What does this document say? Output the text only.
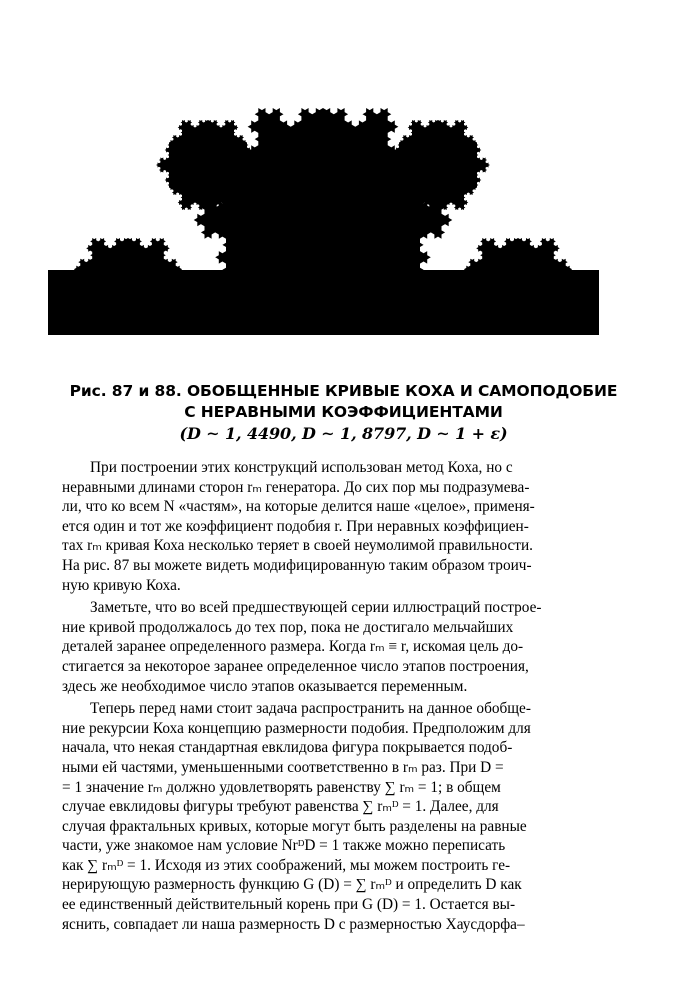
Рис. 87 и 88. ОБОБЩЕННЫЕ КРИВЫЕ КОХА И САМОПОДОБИЕ
С НЕРАВНЫМИ КОЭФФИЦИЕНТАМИ
(D ∼ 1, 4490, D ∼ 1, 8797, D ∼ 1 + ε)
При построении этих конструкций использован метод Коха, но с
неравными длинами сторон rₘ генератора. До сих пор мы подразумева-
ли, что ко всем N «частям», на которые делится наше «целое», применя-
ется один и тот же коэффициент подобия r. При неравных коэффициен-
тах rₘ кривая Коха несколько теряет в своей неумолимой правильности.
На рис. 87 вы можете видеть модифицированную таким образом троич-
ную кривую Коха.
Заметьте, что во всей предшествующей серии иллюстраций построе-
ние кривой продолжалось до тех пор, пока не достигало мельчайших
деталей заранее определенного размера. Когда rₘ ≡ r, искомая цель до-
стигается за некоторое заранее определенное число этапов построения,
здесь же необходимое число этапов оказывается переменным.
Теперь перед нами стоит задача распространить на данное обобще-
ние рекурсии Коха концепцию размерности подобия. Предположим для
начала, что некая стандартная евклидова фигура покрывается подоб-
ными ей частями, уменьшенными соответственно в rₘ раз. При D =
= 1 значение rₘ должно удовлетворять равенству ∑ rₘ = 1; в общем
случае евклидовы фигуры требуют равенства ∑ rₘᴰ = 1. Далее, для
случая фрактальных кривых, которые могут быть разделены на равные
части, уже знакомое нам условие NrᴰD = 1 также можно переписать
как ∑ rₘᴰ = 1. Исходя из этих соображений, мы можем построить ге-
нерирующую размерность функцию G (D) = ∑ rₘᴰ и определить D как
ее единственный действительный корень при G (D) = 1. Остается вы-
яснить, совпадает ли наша размерность D с размерностью Хаусдорфа–
